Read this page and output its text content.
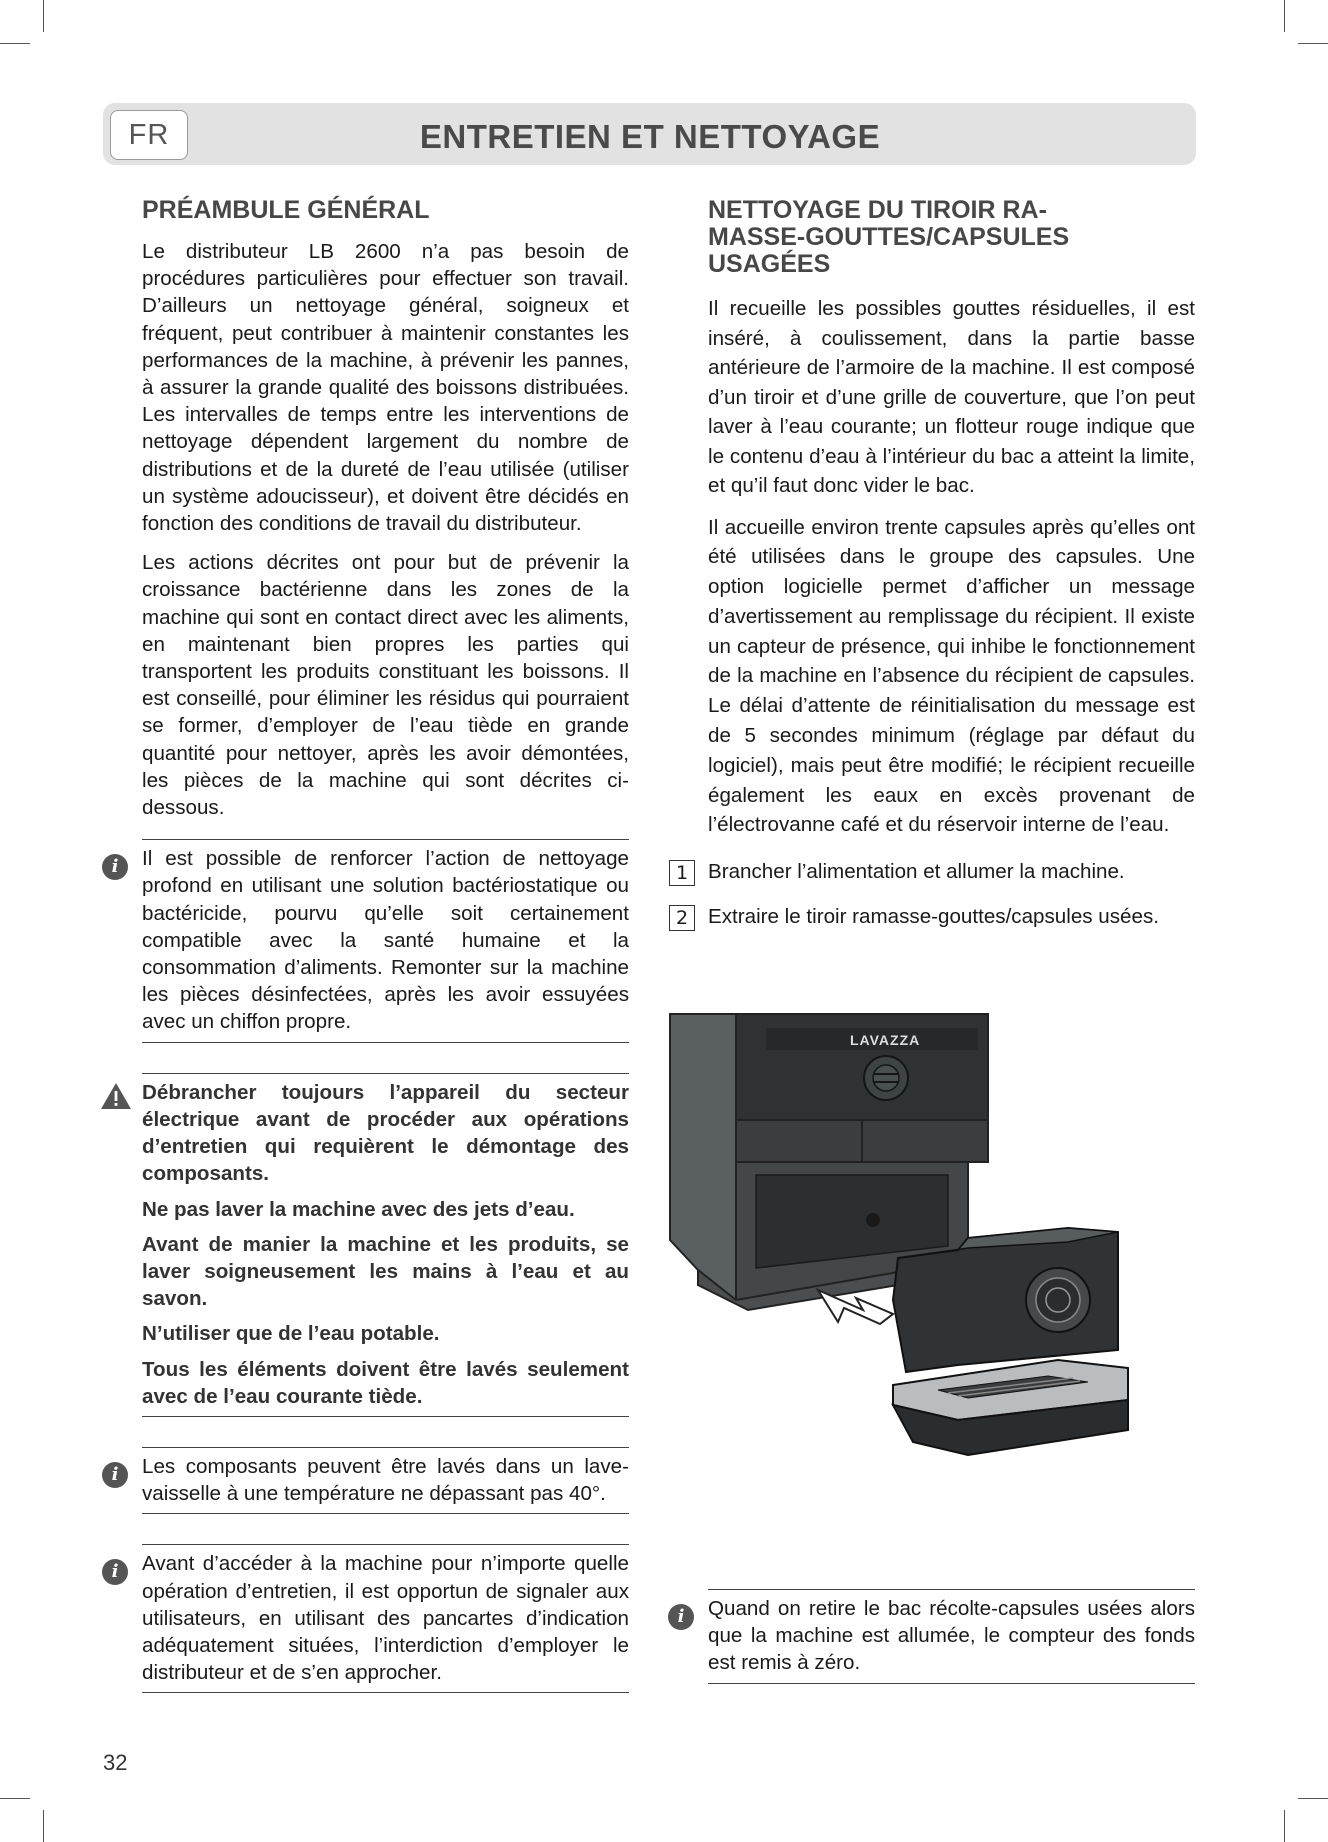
FR	ENTRETIEN ET NETTOYAGE
PRÉAMBULE GÉNÉRAL

Le distributeur LB 2600 n’a pas besoin de procédures particulières pour effectuer son travail. D’ailleurs un nettoyage général, soigneux et fréquent, peut contribuer à maintenir constantes les performances de la machine, à prévenir les pannes, à assurer la grande qualité des boissons distribuées. Les intervalles de temps entre les interventions de nettoyage dépendent largement du nombre de distributions et de la dureté de l’eau utilisée (utiliser un système adoucisseur), et doivent être décidés en fonction des conditions de travail du distributeur.

Les actions décrites ont pour but de prévenir la croissance bactérienne dans les zones de la machine qui sont en contact direct avec les aliments, en maintenant bien propres les parties qui transportent les produits constituant les boissons. Il est conseillé, pour éliminer les résidus qui pourraient se former, d’employer de l’eau tiède en grande quantité pour nettoyer, après les avoir démontées, les pièces de la machine qui sont décrites ci-dessous.

i	Il est possible de renforcer l’action de nettoyage profond en utilisant une solution bactériostatique ou bactéricide, pourvu qu’elle soit certainement compatible avec la santé humaine et la consommation d’aliments. Remonter sur la machine les pièces désinfectées, après les avoir essuyées avec un chiffon propre.

Débrancher toujours l’appareil du secteur électrique avant de procéder aux opérations d’entretien qui requièrent le démontage des composants.

Ne pas laver la machine avec des jets d’eau.

Avant de manier la machine et les produits, se laver soigneusement les mains à l’eau et au savon.

N’utiliser que de l’eau potable.

Tous les éléments doivent être lavés seulement avec de l’eau courante tiède.

i	Les composants peuvent être lavés dans un lave-vaisselle à une température ne dépassant pas 40°.

i	Avant d’accéder à la machine pour n’importe quelle opération d’entretien, il est opportun de signaler aux utilisateurs, en utilisant des pancartes d’indication adéquatement situées, l’interdiction d’employer le distributeur et de s’en approcher.

NETTOYAGE DU TIROIR RA-
MASSE-GOUTTES/CAPSULES USAGÉES

Il recueille les possibles gouttes résiduelles, il est inséré, à coulissement, dans la partie basse antérieure de l’armoire de la machine. Il est composé d’un tiroir et d’une grille de couverture, que l’on peut laver à l’eau courante; un flotteur rouge indique que le contenu d’eau à l’intérieur du bac a atteint la limite, et qu’il faut donc vider le bac.

Il accueille environ trente capsules après qu’elles ont été utilisées dans le groupe des capsules. Une option logicielle permet d’afficher un message d’avertissement au remplissage du récipient. Il existe un capteur de présence, qui inhibe le fonctionnement de la machine en l’absence du récipient de capsules. Le délai d’attente de réinitialisation du message est de 5 secondes minimum (réglage par défaut du logiciel), mais peut être modifié; le récipient recueille également les eaux en excès provenant de l’électrovanne café et du réservoir interne de l’eau.

1 Brancher l’alimentation et allumer la machine.

2 Extraire le tiroir ramasse-gouttes/capsules usées.

LAVAZZA
i	Quand on retire le bac récolte-capsules usées alors que la machine est allumée, le compteur des fonds est remis à zéro.

32
